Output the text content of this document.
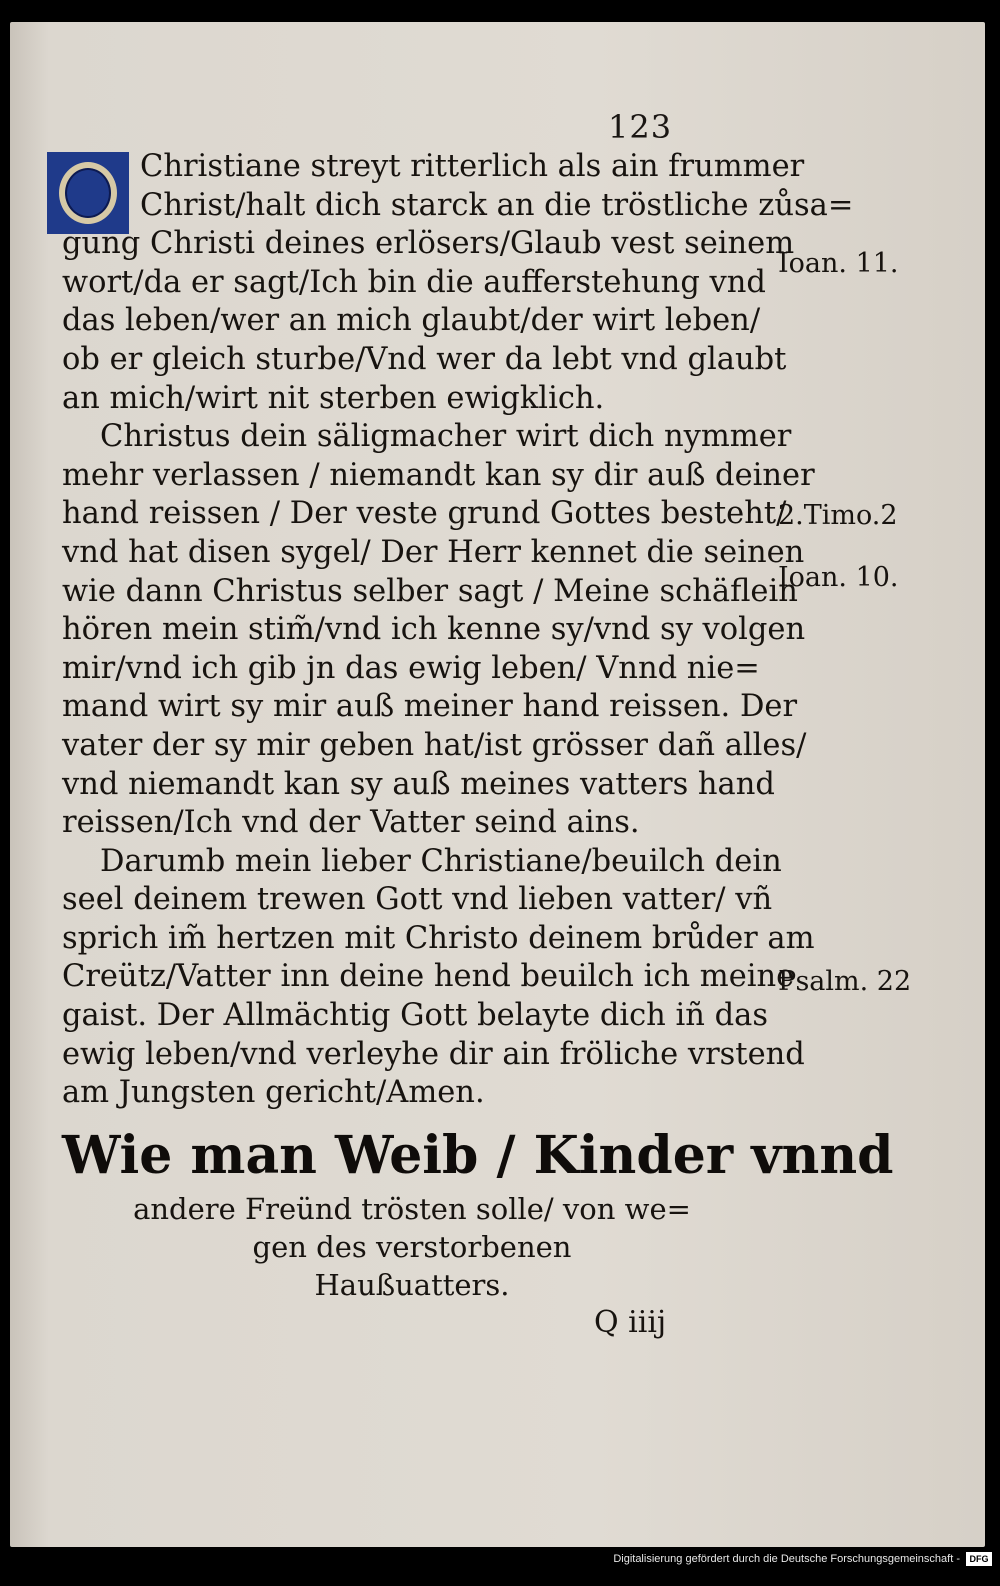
123
Christiane streyt ritterlich als ain frummer
Christ/halt dich starck an die tröstliche zůsa=
gung Christi deines erlösers/Glaub vest seinem
wort/da er sagt/Ich bin die aufferstehung vnd
das leben/wer an mich glaubt/der wirt leben/
ob er gleich sturbe/Vnd wer da lebt vnd glaubt
an mich/wirt nit sterben ewigklich.
Christus dein säligmacher wirt dich nymmer
mehr verlassen / niemandt kan sy dir auß deiner
hand reissen / Der veste grund Gottes besteht/
vnd hat disen sygel/ Der Herr kennet die seinen
wie dann Christus selber sagt / Meine schäflein
hören mein stim̃/vnd ich kenne sy/vnd sy volgen
mir/vnd ich gib jn das ewig leben/ Vnnd nie=
mand wirt sy mir auß meiner hand reissen. Der
vater der sy mir geben hat/ist grösser dañ alles/
vnd niemandt kan sy auß meines vatters hand
reissen/Ich vnd der Vatter seind ains.
Darumb mein lieber Christiane/beuilch dein
seel deinem trewen Gott vnd lieben vatter/ vñ
sprich im̃ hertzen mit Christo deinem brůder am
Creütz/Vatter inn deine hend beuilch ich meine
gaist. Der Allmächtig Gott belayte dich iñ das
ewig leben/vnd verleyhe dir ain fröliche vrstend
am Jungsten gericht/Amen.
Ioan. 11.
2.Timo.2
Ioan. 10.
Psalm. 22
Wie man Weib / Kinder vnnd
andere Freünd trösten solle/ von we=
gen des verstorbenen
Haußuatters.
Q iiij
Digitalisierung gefördert durch die Deutsche Forschungsgemeinschaft -	DFG
